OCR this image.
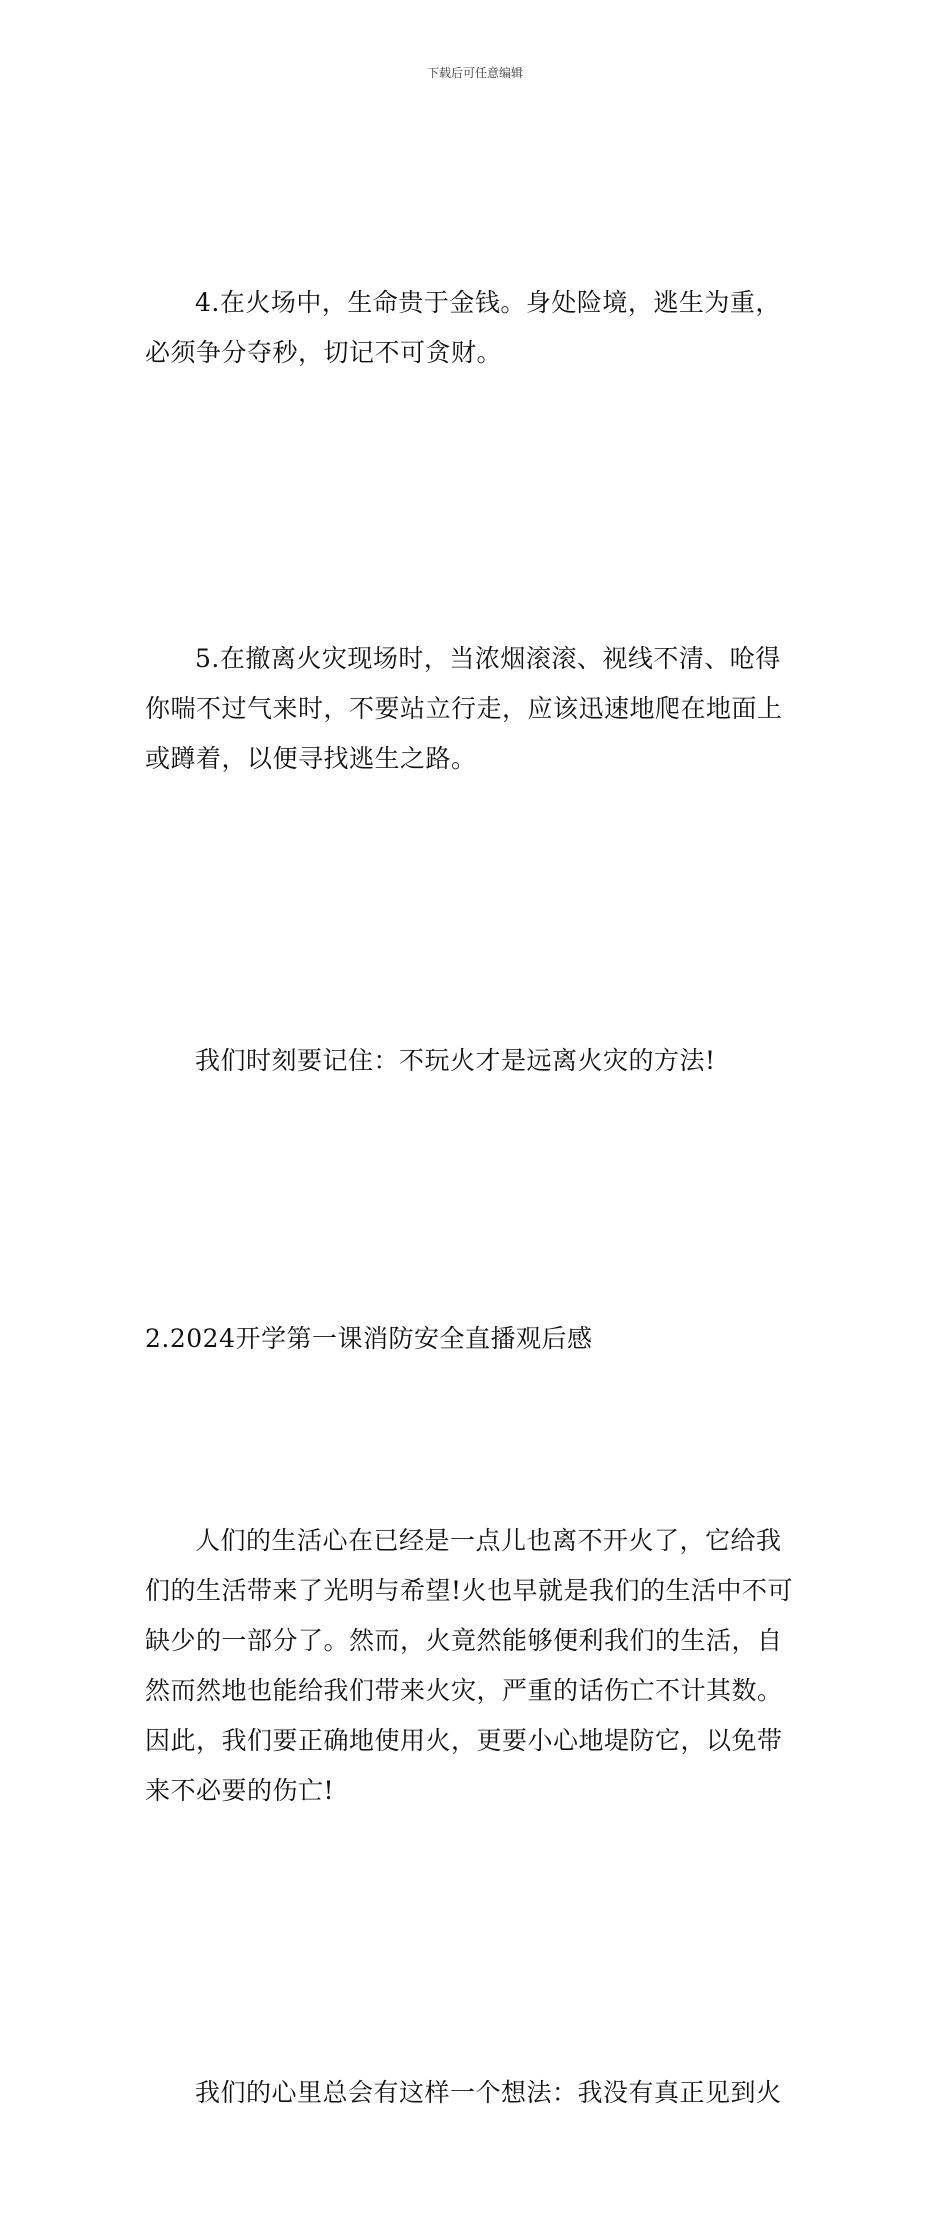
下载后可任意编辑

4.在火场中，生命贵于金钱。身处险境，逃生为重，
必须争分夺秒，切记不可贪财。

5.在撤离火灾现场时，当浓烟滚滚、视线不清、呛得
你喘不过气来时，不要站立行走，应该迅速地爬在地面上
或蹲着，以便寻找逃生之路。

我们时刻要记住：不玩火才是远离火灾的方法!

2.2024开学第一课消防安全直播观后感

人们的生活心在已经是一点儿也离不开火了，它给我
们的生活带来了光明与希望!火也早就是我们的生活中不可
缺少的一部分了。然而，火竟然能够便利我们的生活，自
然而然地也能给我们带来火灾，严重的话伤亡不计其数。
因此，我们要正确地使用火，更要小心地堤防它，以免带
来不必要的伤亡!

我们的心里总会有这样一个想法：我没有真正见到火
